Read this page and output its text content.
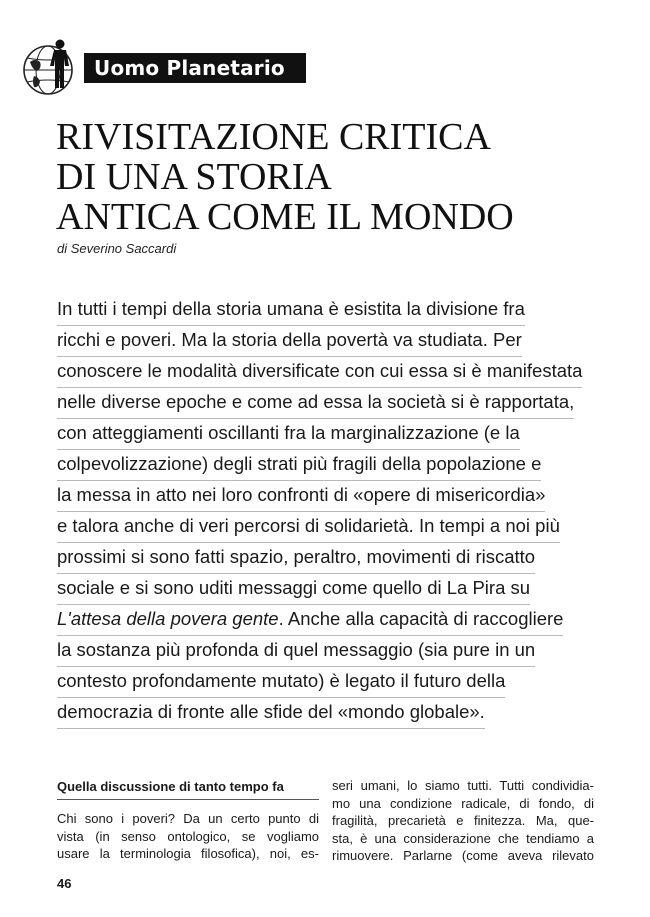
Uomo Planetario
RIVISITAZIONE CRITICA
DI UNA STORIA
ANTICA COME IL MONDO
di Severino Saccardi
In tutti i tempi della storia umana è esistita la divisione fra
ricchi e poveri. Ma la storia della povertà va studiata. Per
conoscere le modalità diversificate con cui essa si è manifestata
nelle diverse epoche e come ad essa la società si è rapportata,
con atteggiamenti oscillanti fra la marginalizzazione (e la
colpevolizzazione) degli strati più fragili della popolazione e
la messa in atto nei loro confronti di «opere di misericordia»
e talora anche di veri percorsi di solidarietà. In tempi a noi più
prossimi si sono fatti spazio, peraltro, movimenti di riscatto
sociale e si sono uditi messaggi come quello di La Pira su
L'attesa della povera gente. Anche alla capacità di raccogliere
la sostanza più profonda di quel messaggio (sia pure in un
contesto profondamente mutato) è legato il futuro della
democrazia di fronte alle sfide del «mondo globale».
Quella discussione di tanto tempo fa
Chi sono i poveri? Da un certo punto di
vista (in senso ontologico, se vogliamo
usare la terminologia filosofica), noi, es-
seri umani, lo siamo tutti. Tutti condividia-
mo una condizione radicale, di fondo, di
fragilità, precarietà e finitezza. Ma, que-
sta, è una considerazione che tendiamo a
rimuovere. Parlarne (come aveva rilevato
46
